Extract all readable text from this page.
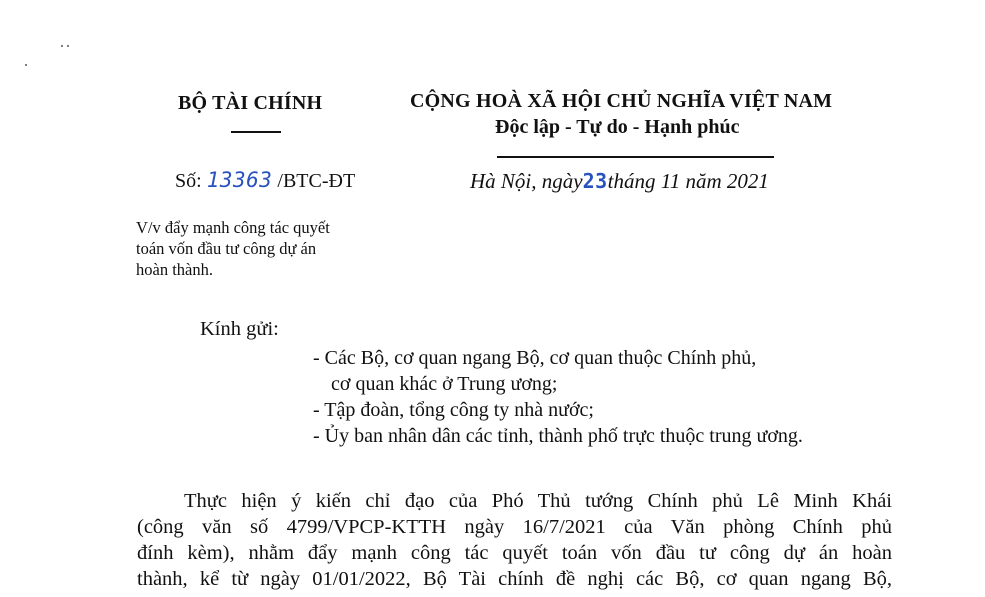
BỘ TÀI CHÍNH	CỘNG HOÀ XÃ HỘI CHỦ NGHĨA VIỆT NAM
Độc lập - Tự do - Hạnh phúc
Số: 13363 /BTC-ĐT	Hà Nội, ngày23tháng 11 năm 2021
V/v đẩy mạnh công tác quyết
toán vốn đầu tư công dự án
hoàn thành.
Kính gửi:
- Các Bộ, cơ quan ngang Bộ, cơ quan thuộc Chính phủ,
cơ quan khác ở Trung ương;
- Tập đoàn, tổng công ty nhà nước;
- Ủy ban nhân dân các tỉnh, thành phố trực thuộc trung ương.
Thực hiện ý kiến chỉ đạo của Phó Thủ tướng Chính phủ Lê Minh Khái
(công văn số 4799/VPCP-KTTH ngày 16/7/2021 của Văn phòng Chính phủ
đính kèm), nhằm đẩy mạnh công tác quyết toán vốn đầu tư công dự án hoàn
thành, kể từ ngày 01/01/2022, Bộ Tài chính đề nghị các Bộ, cơ quan ngang Bộ,
